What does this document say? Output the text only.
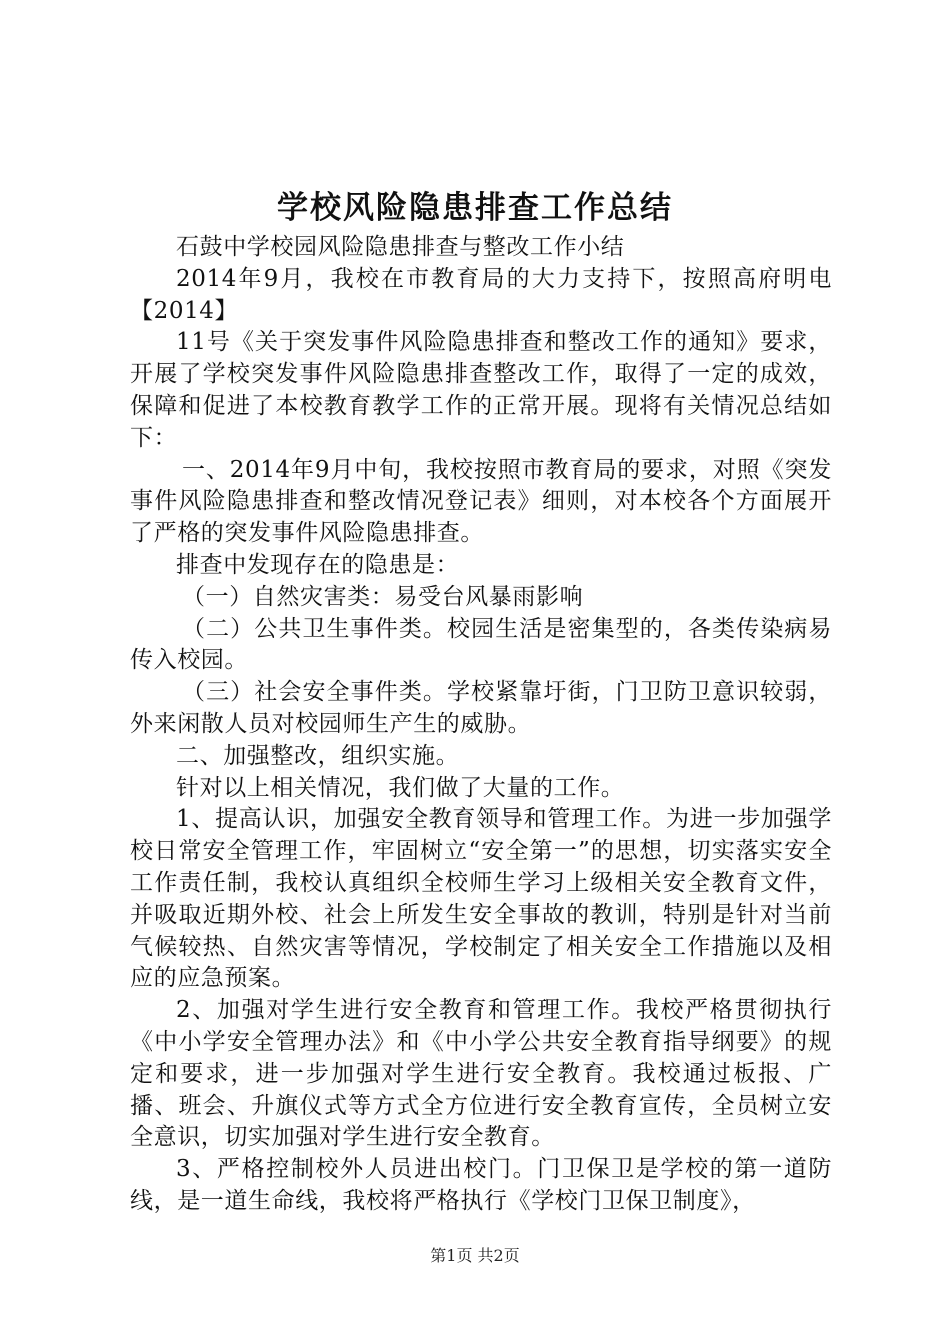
学校风险隐患排查工作总结

石鼓中学校园风险隐患排查与整改工作小结

2014年9月，我校在市教育局的大力支持下，按照高府明电【2014】

11号《关于突发事件风险隐患排查和整改工作的通知》要求，开展了学校突发事件风险隐患排查整改工作，取得了一定的成效，保障和促进了本校教育教学工作的正常开展。现将有关情况总结如下：

一、2014年9月中旬，我校按照市教育局的要求，对照《突发事件风险隐患排查和整改情况登记表》细则，对本校各个方面展开了严格的突发事件风险隐患排查。

排查中发现存在的隐患是：

（一）自然灾害类：易受台风暴雨影响

（二）公共卫生事件类。校园生活是密集型的，各类传染病易传入校园。

（三）社会安全事件类。学校紧靠圩街，门卫防卫意识较弱，外来闲散人员对校园师生产生的威胁。

二、加强整改，组织实施。

针对以上相关情况，我们做了大量的工作。

1、提高认识，加强安全教育领导和管理工作。为进一步加强学校日常安全管理工作，牢固树立“安全第一”的思想，切实落实安全工作责任制，我校认真组织全校师生学习上级相关安全教育文件，并吸取近期外校、社会上所发生安全事故的教训，特别是针对当前气候较热、自然灾害等情况，学校制定了相关安全工作措施以及相应的应急预案。

2、加强对学生进行安全教育和管理工作。我校严格贯彻执行《中小学安全管理办法》和《中小学公共安全教育指导纲要》的规定和要求，进一步加强对学生进行安全教育。我校通过板报、广播、班会、升旗仪式等方式全方位进行安全教育宣传，全员树立安全意识，切实加强对学生进行安全教育。

3、严格控制校外人员进出校门。门卫保卫是学校的第一道防线，是一道生命线，我校将严格执行《学校门卫保卫制度》，

第1页 共2页
